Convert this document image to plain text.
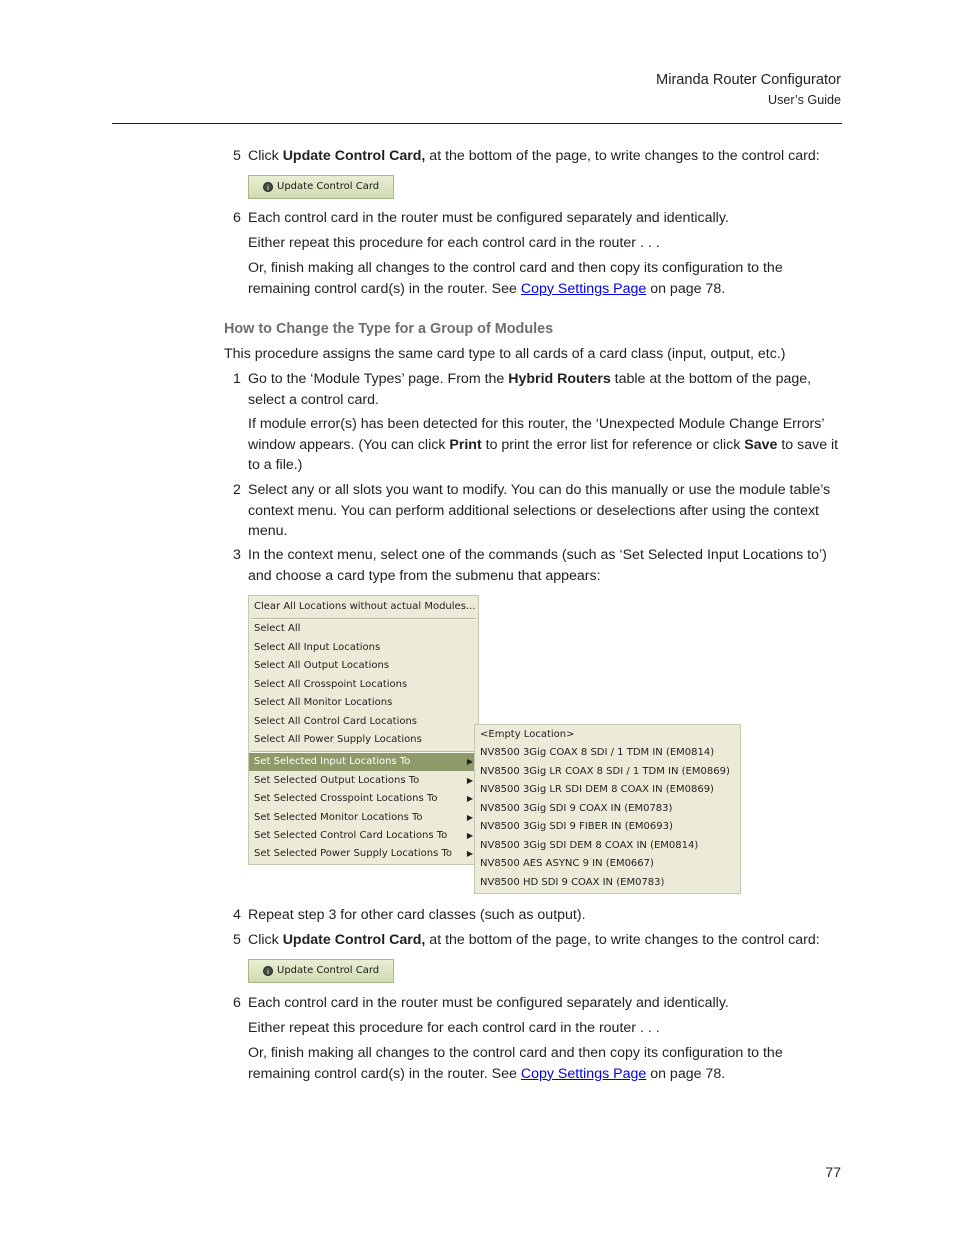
Miranda Router Configurator
User’s Guide
5 Click Update Control Card, at the bottom of the page, to write changes to the control card:
i Update Control Card
6 Each control card in the router must be configured separately and identically.
Either repeat this procedure for each control card in the router . . .
Or, finish making all changes to the control card and then copy its configuration to the remaining control card(s) in the router. See Copy Settings Page on page 78.
How to Change the Type for a Group of Modules
This procedure assigns the same card type to all cards of a card class (input, output, etc.)
1 Go to the ‘Module Types’ page. From the Hybrid Routers table at the bottom of the page, select a control card.
If module error(s) has been detected for this router, the ‘Unexpected Module Change Errors’ window appears. (You can click Print to print the error list for reference or click Save to save it to a file.)
2 Select any or all slots you want to modify. You can do this manually or use the module table’s context menu. You can perform additional selections or deselections after using the context menu.
3 In the context menu, select one of the commands (such as ‘Set Selected Input Locations to’) and choose a card type from the submenu that appears:
Clear All Locations without actual Modules...
Select All
Select All Input Locations
Select All Output Locations
Select All Crosspoint Locations
Select All Monitor Locations
Select All Control Card Locations
Select All Power Supply Locations
Set Selected Input Locations To	▶
Set Selected Output Locations To	▶
Set Selected Crosspoint Locations To	▶
Set Selected Monitor Locations To	▶
Set Selected Control Card Locations To ▶
Set Selected Power Supply Locations To ▶
<Empty Location>
NV8500 3Gig COAX 8 SDI / 1 TDM IN (EM0814)
NV8500 3Gig LR COAX 8 SDI / 1 TDM IN (EM0869)
NV8500 3Gig LR SDI DEM 8 COAX IN (EM0869)
NV8500 3Gig SDI 9 COAX IN (EM0783)
NV8500 3Gig SDI 9 FIBER IN (EM0693)
NV8500 3Gig SDI DEM 8 COAX IN (EM0814)
NV8500 AES ASYNC 9 IN (EM0667)
NV8500 HD SDI 9 COAX IN (EM0783)
4 Repeat step 3 for other card classes (such as output).
5 Click Update Control Card, at the bottom of the page, to write changes to the control card:
i Update Control Card
6 Each control card in the router must be configured separately and identically.
Either repeat this procedure for each control card in the router . . .
Or, finish making all changes to the control card and then copy its configuration to the remaining control card(s) in the router. See Copy Settings Page on page 78.
77
